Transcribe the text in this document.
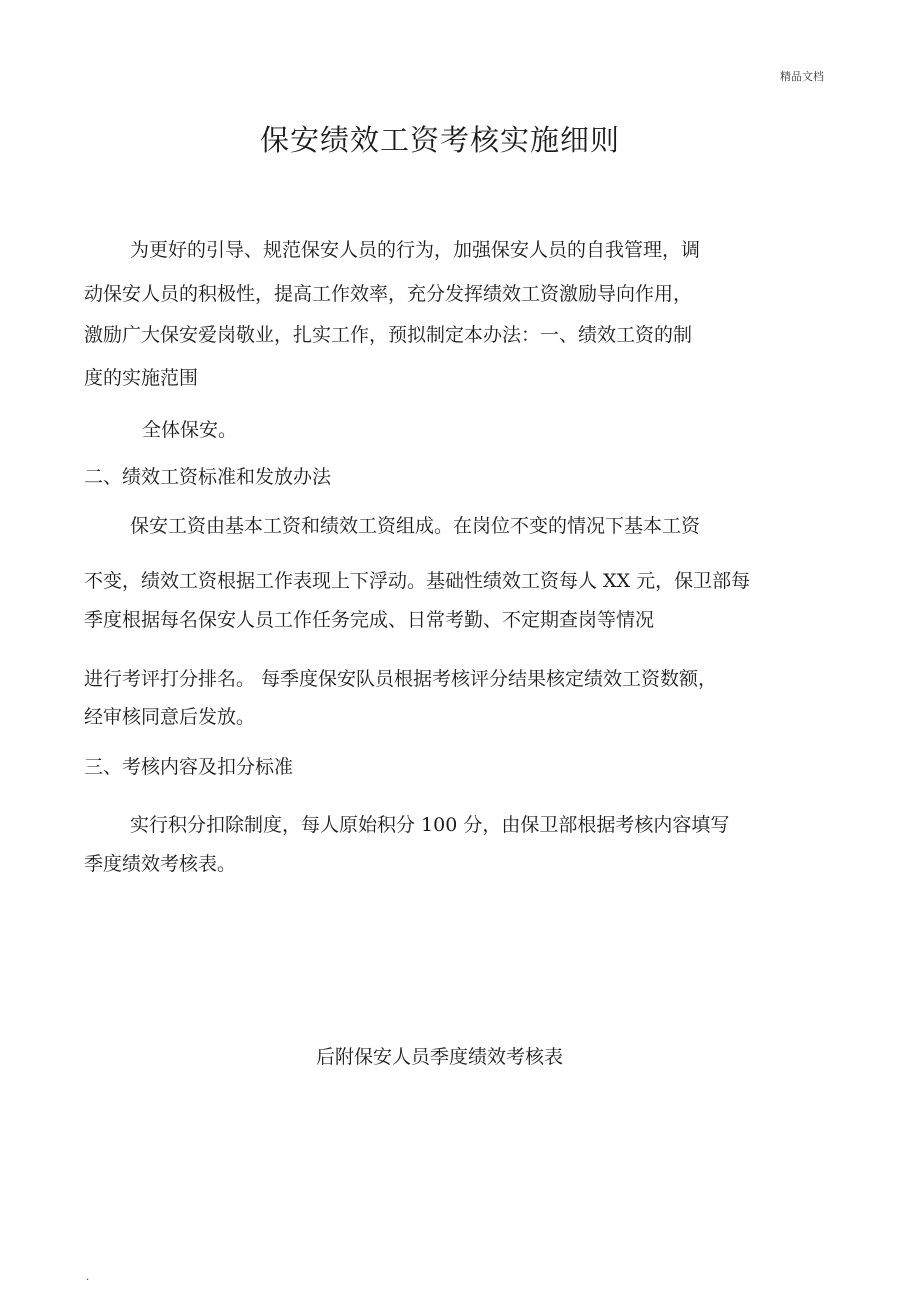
精品文档
保安绩效工资考核实施细则
为更好的引导、规范保安人员的行为，加强保安人员的自我管理，调
动保安人员的积极性，提高工作效率，充分发挥绩效工资激励导向作用，
激励广大保安爱岗敬业，扎实工作，预拟制定本办法：一、绩效工资的制
度的实施范围
全体保安。
二、绩效工资标准和发放办法
保安工资由基本工资和绩效工资组成。在岗位不变的情况下基本工资
不变，绩效工资根据工作表现上下浮动。基础性绩效工资每人 XX 元，保卫部每
季度根据每名保安人员工作任务完成、日常考勤、不定期查岗等情况
进行考评打分排名。 每季度保安队员根据考核评分结果核定绩效工资数额，
经审核同意后发放。
三、考核内容及扣分标准
实行积分扣除制度，每人原始积分 100 分，由保卫部根据考核内容填写
季度绩效考核表。
后附保安人员季度绩效考核表
.
